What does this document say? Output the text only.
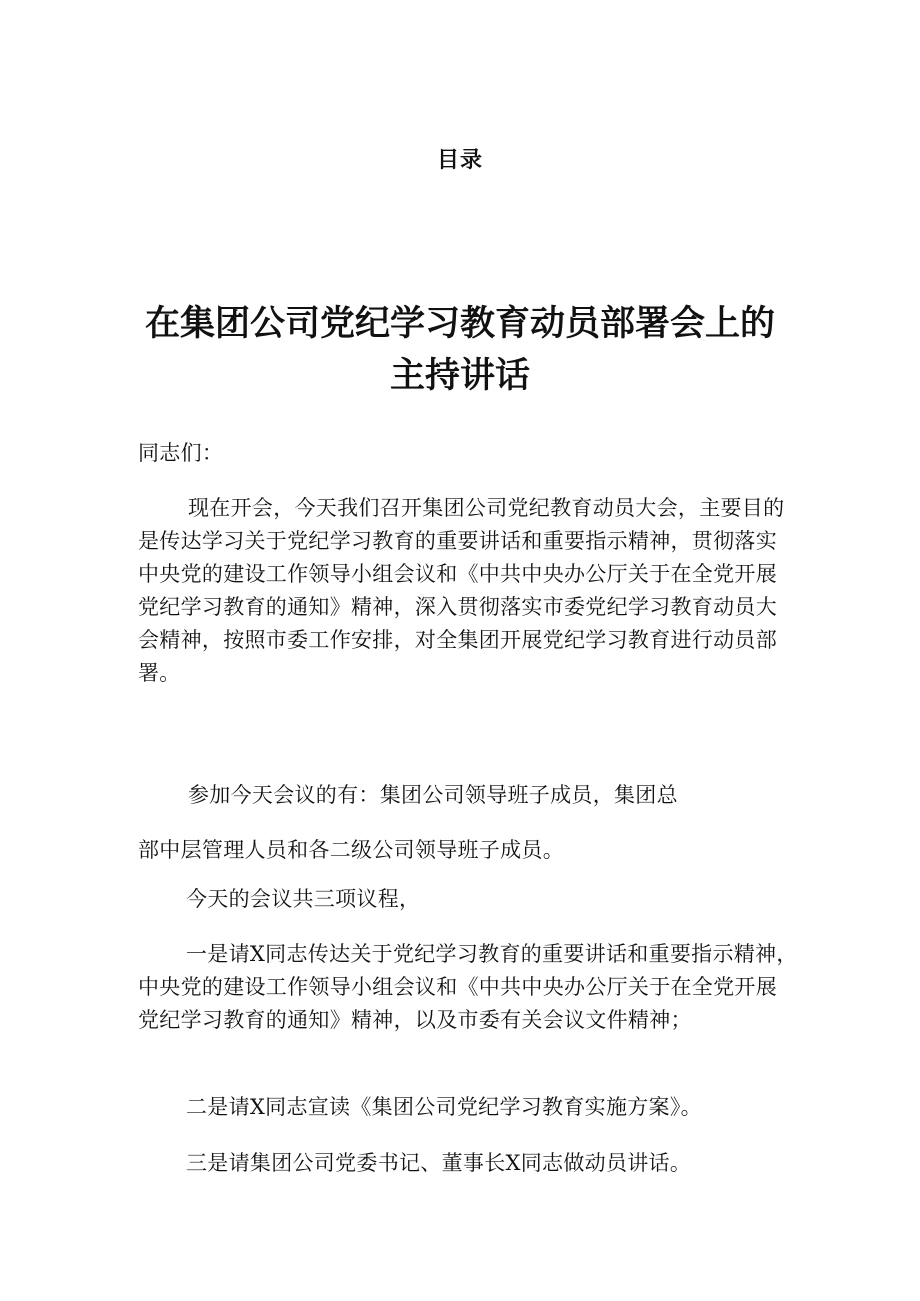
目录
在集团公司党纪学习教育动员部署会上的
主持讲话

同志们：

现在开会，今天我们召开集团公司党纪教育动员大会，主要目的是传达学习关于党纪学习教育的重要讲话和重要指示精神，贯彻落实中央党的建设工作领导小组会议和《中共中央办公厅关于在全党开展党纪学习教育的通知》精神，深入贯彻落实市委党纪学习教育动员大会精神，按照市委工作安排，对全集团开展党纪学习教育进行动员部署。

参加今天会议的有：集团公司领导班子成员，集团总
部中层管理人员和各二级公司领导班子成员。

今天的会议共三项议程，

一是请X同志传达关于党纪学习教育的重要讲话和重要指示精神，中央党的建设工作领导小组会议和《中共中央办公厅关于在全党开展党纪学习教育的通知》精神，以及市委有关会议文件精神；

二是请X同志宣读《集团公司党纪学习教育实施方案》。

三是请集团公司党委书记、董事长X同志做动员讲话。
